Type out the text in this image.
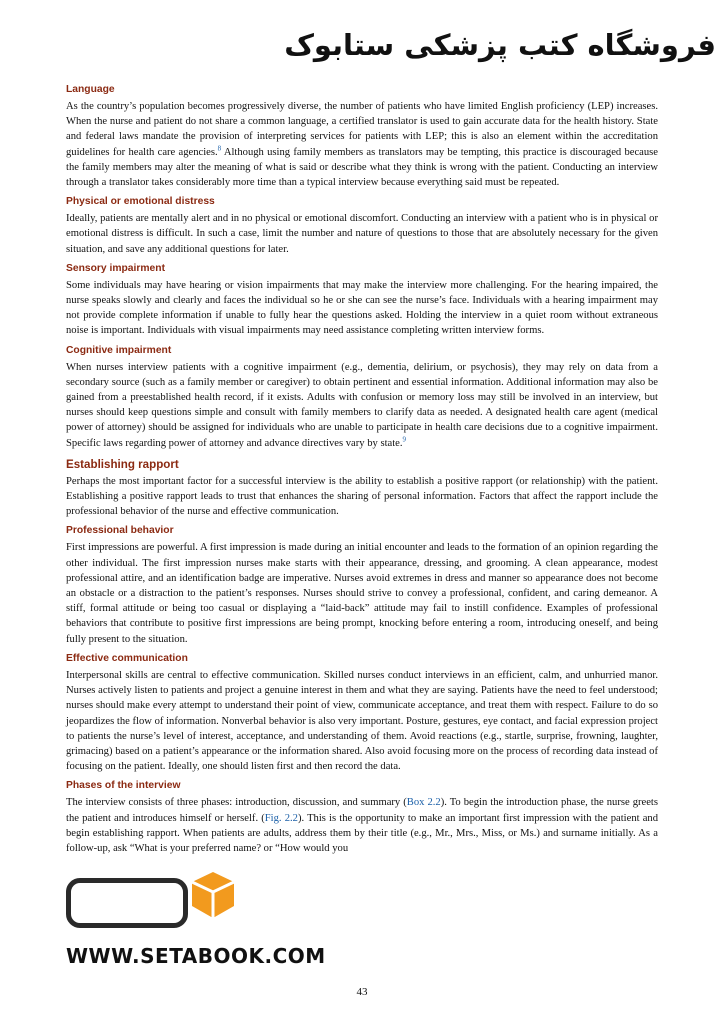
فروشگاه کتب پزشکی ستابوک
Language

As the country’s population becomes progressively diverse, the number of patients who have limited English proficiency (LEP) increases. When the nurse and patient do not share a common language, a certified translator is used to gain accurate data for the health history. State and federal laws mandate the provision of interpreting services for patients with LEP; this is also an element within the accreditation guidelines for health care agencies.$^8$ Although using family members as translators may be tempting, this practice is discouraged because the family members may alter the meaning of what is said or describe what they think is wrong with the patient. Conducting an interview through a translator takes considerably more time than a typical interview because everything said must be repeated.

Physical or emotional distress

Ideally, patients are mentally alert and in no physical or emotional discomfort. Conducting an interview with a patient who is in physical or emotional distress is difficult. In such a case, limit the number and nature of questions to those that are absolutely necessary for the given situation, and save any additional questions for later.

Sensory impairment

Some individuals may have hearing or vision impairments that may make the interview more challenging. For the hearing impaired, the nurse speaks slowly and clearly and faces the individual so he or she can see the nurse’s face. Individuals with a hearing impairment may not provide complete information if unable to fully hear the questions asked. Holding the interview in a quiet room without extraneous noise is important. Individuals with visual impairments may need assistance completing written interview forms.

Cognitive impairment

When nurses interview patients with a cognitive impairment (e.g., dementia, delirium, or psychosis), they may rely on data from a secondary source (such as a family member or caregiver) to obtain pertinent and essential information. Additional information may also be gained from a preestablished health record, if it exists. Adults with confusion or memory loss may still be involved in an interview, but nurses should keep questions simple and consult with family members to clarify data as needed. A designated health care agent (medical power of attorney) should be assigned for individuals who are unable to participate in health care decisions due to a cognitive impairment. Specific laws regarding power of attorney and advance directives vary by state.$^9$

Establishing rapport

Perhaps the most important factor for a successful interview is the ability to establish a positive rapport (or relationship) with the patient. Establishing a positive rapport leads to trust that enhances the sharing of personal information. Factors that affect the rapport include the professional behavior of the nurse and effective communication.

Professional behavior

First impressions are powerful. A first impression is made during an initial encounter and leads to the formation of an opinion regarding the other individual. The first impression nurses make starts with their appearance, dressing, and grooming. A clean appearance, modest professional attire, and an identification badge are imperative. Nurses avoid extremes in dress and manner so appearance does not become an obstacle or a distraction to the patient’s responses. Nurses should strive to convey a professional, confident, and caring demeanor. A stiff, formal attitude or being too casual or displaying a “laid-back” attitude may fail to instill confidence. Examples of professional behaviors that contribute to positive first impressions are being prompt, knocking before entering a room, introducing oneself, and being fully present to the situation.

Effective communication

Interpersonal skills are central to effective communication. Skilled nurses conduct interviews in an efficient, calm, and unhurried manor. Nurses actively listen to patients and project a genuine interest in them and what they are saying. Patients have the need to feel understood; nurses should make every attempt to understand their point of view, communicate acceptance, and treat them with respect. Failure to do so jeopardizes the flow of information. Nonverbal behavior is also very important. Posture, gestures, eye contact, and facial expression project to patients the nurse’s level of interest, acceptance, and understanding of them. Avoid reactions (e.g., startle, surprise, frowning, laughter, grimacing) based on a patient’s appearance or the information shared. Also avoid focusing more on the process of recording data instead of focusing on the patient. Ideally, one should listen first and then record the data.

Phases of the interview

The interview consists of three phases: introduction, discussion, and summary (Box 2.2). To begin the introduction phase, the nurse greets the patient and introduces himself or herself. (Fig. 2.2). This is the opportunity to make an important first impression with the patient and begin establishing rapport. When patients are adults, address them by their title (e.g., Mr., Mrs., Miss, or Ms.) and surname initially. As a follow-up, ask “What is your preferred name? or “How would you

WWW.SETABOOK.COM
43
